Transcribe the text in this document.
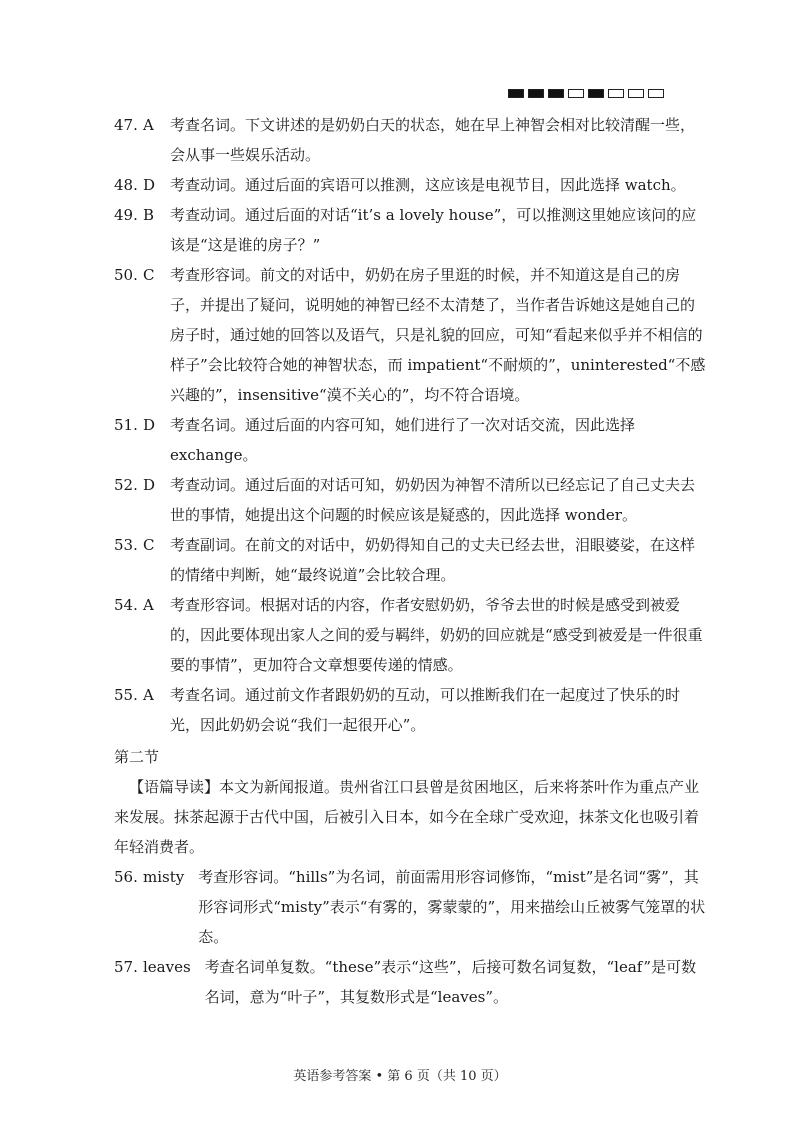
47. A	考查名词。下文讲述的是奶奶白天的状态，她在早上神智会相对比较清醒一些，会从事一些娱乐活动。
48. D 考查动词。通过后面的宾语可以推测，这应该是电视节目，因此选择 watch。
49. B	考查动词。通过后面的对话“it’s a lovely house”，可以推测这里她应该问的应该是“这是谁的房子？”
50. C	考查形容词。前文的对话中，奶奶在房子里逛的时候，并不知道这是自己的房子，并提出了疑问，说明她的神智已经不太清楚了，当作者告诉她这是她自己的房子时，通过她的回答以及语气，只是礼貌的回应，可知“看起来似乎并不相信的样子”会比较符合她的神智状态，而 impatient“不耐烦的”，uninterested“不感兴趣的”，insensitive“漠不关心的”，均不符合语境。
51. D 考查名词。通过后面的内容可知，她们进行了一次对话交流，因此选择 exchange。
52. D 考查动词。通过后面的对话可知，奶奶因为神智不清所以已经忘记了自己丈夫去世的事情，她提出这个问题的时候应该是疑惑的，因此选择 wonder。
53. C	考查副词。在前文的对话中，奶奶得知自己的丈夫已经去世，泪眼婆娑，在这样的情绪中判断，她“最终说道”会比较合理。
54. A	考查形容词。根据对话的内容，作者安慰奶奶，爷爷去世的时候是感受到被爱的，因此要体现出家人之间的爱与羁绊，奶奶的回应就是“感受到被爱是一件很重要的事情”，更加符合文章想要传递的情感。
55. A	考查名词。通过前文作者跟奶奶的互动，可以推断我们在一起度过了快乐的时光，因此奶奶会说“我们一起很开心”。
第二节
【语篇导读】本文为新闻报道。贵州省江口县曾是贫困地区，后来将茶叶作为重点产业来发展。抹茶起源于古代中国，后被引入日本，如今在全球广受欢迎，抹茶文化也吸引着年轻消费者。
56. misty 考查形容词。“hills”为名词，前面需用形容词修饰，“mist”是名词“雾”，其形容词形式“misty”表示“有雾的，雾蒙蒙的”，用来描绘山丘被雾气笼罩的状态。
57. leaves 考查名词单复数。“these”表示“这些”，后接可数名词复数，“leaf”是可数名词，意为“叶子”，其复数形式是“leaves”。
英语参考答案 • 第 6 页（共 10 页）
